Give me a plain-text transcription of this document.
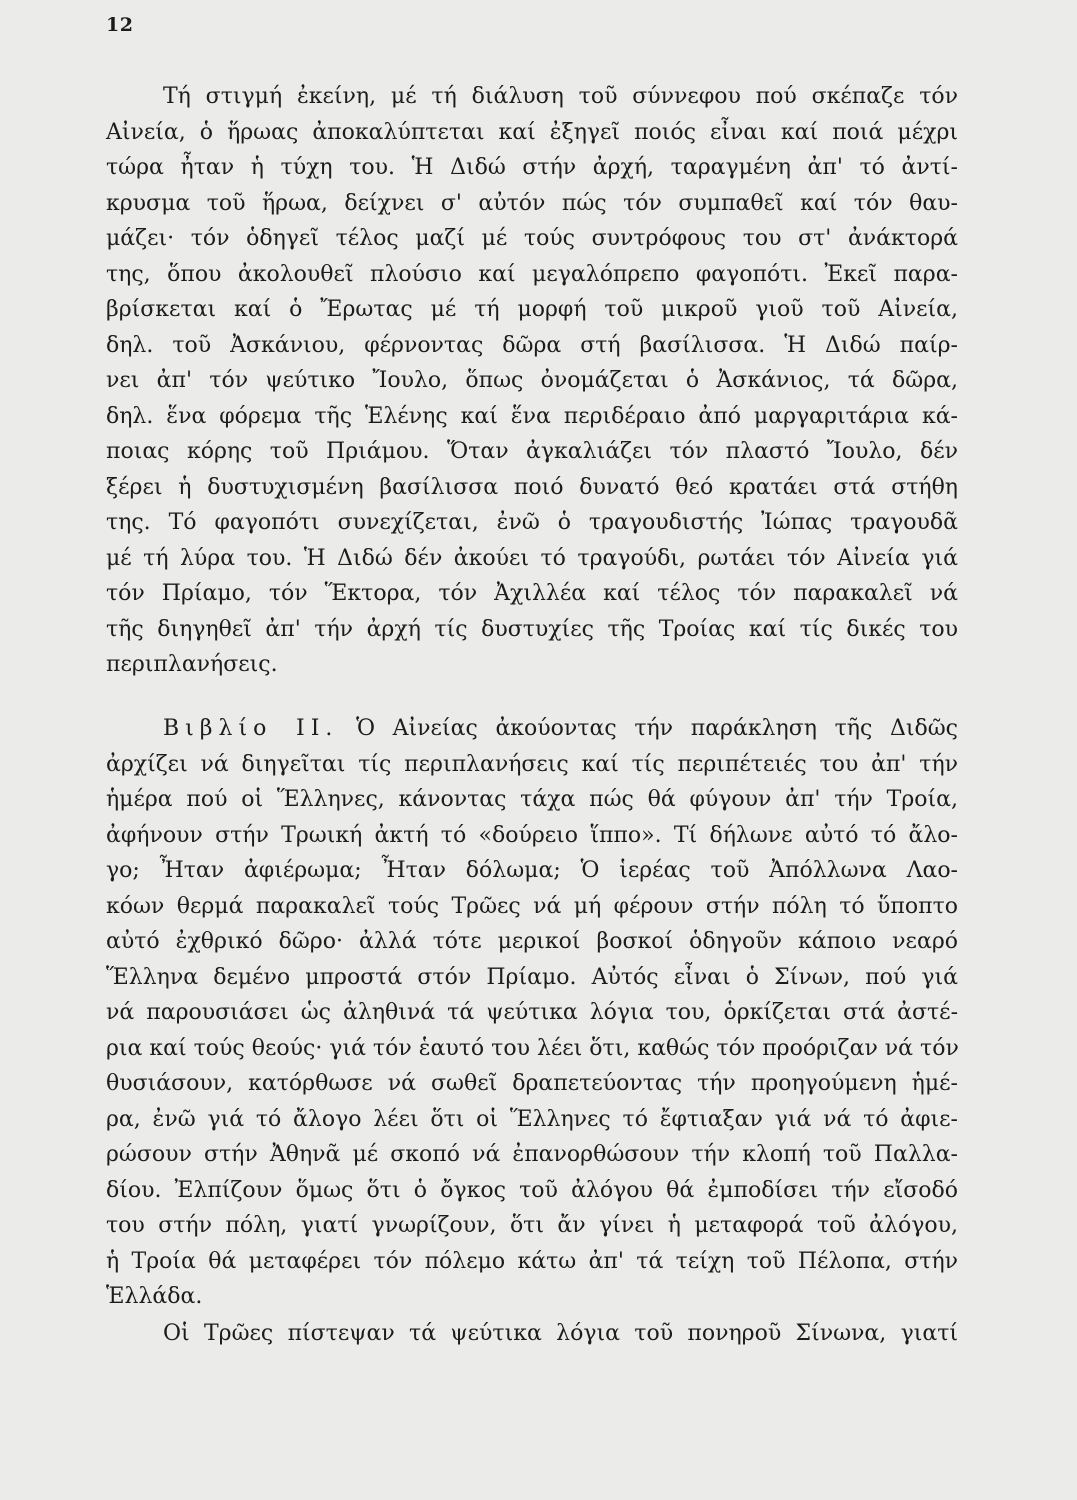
12
Τή στιγμή ἐκείνη, μέ τή διάλυση τοῦ σύννεφου πού σκέπαζε τόν
Αἰνεία, ὁ ἥρωας ἀποκαλύπτεται καί ἐξηγεῖ ποιός εἶναι καί ποιά μέχρι
τώρα ἦταν ἡ τύχη του. Ἡ Διδώ στήν ἀρχή, ταραγμένη ἀπ' τό ἀντί-
κρυσμα τοῦ ἥρωα, δείχνει σ' αὐτόν πώς τόν συμπαθεῖ καί τόν θαυ-
μάζει· τόν ὁδηγεῖ τέλος μαζί μέ τούς συντρόφους του στ' ἀνάκτορά
της, ὅπου ἀκολουθεῖ πλούσιο καί μεγαλόπρεπο φαγοπότι. Ἐκεῖ παρα-
βρίσκεται καί ὁ Ἔρωτας μέ τή μορφή τοῦ μικροῦ γιοῦ τοῦ Αἰνεία,
δηλ. τοῦ Ἀσκάνιου, φέρνοντας δῶρα στή βασίλισσα. Ἡ Διδώ παίρ-
νει ἀπ' τόν ψεύτικο Ἴουλο, ὅπως ὀνομάζεται ὁ Ἀσκάνιος, τά δῶρα,
δηλ. ἕνα φόρεμα τῆς Ἑλένης καί ἕνα περιδέραιο ἀπό μαργαριτάρια κά-
ποιας κόρης τοῦ Πριάμου. Ὅταν ἀγκαλιάζει τόν πλαστό Ἴουλο, δέν
ξέρει ἡ δυστυχισμένη βασίλισσα ποιό δυνατό θεό κρατάει στά στήθη
της. Τό φαγοπότι συνεχίζεται, ἐνῶ ὁ τραγουδιστής Ἰώπας τραγουδᾶ
μέ τή λύρα του. Ἡ Διδώ δέν ἀκούει τό τραγούδι, ρωτάει τόν Αἰνεία γιά
τόν Πρίαμο, τόν Ἕκτορα, τόν Ἀχιλλέα καί τέλος τόν παρακαλεῖ νά
τῆς διηγηθεῖ ἀπ' τήν ἀρχή τίς δυστυχίες τῆς Τροίας καί τίς δικές του
περιπλανήσεις.
Βιβλίο ΙΙ. Ὁ Αἰνείας ἀκούοντας τήν παράκληση τῆς Διδῶς
ἀρχίζει νά διηγεῖται τίς περιπλανήσεις καί τίς περιπέτειές του ἀπ' τήν
ἡμέρα πού οἱ Ἕλληνες, κάνοντας τάχα πώς θά φύγουν ἀπ' τήν Τροία,
ἀφήνουν στήν Τρωική ἀκτή τό «δούρειο ἵππο». Τί δήλωνε αὐτό τό ἄλο-
γο; Ἦταν ἀφιέρωμα; Ἦταν δόλωμα; Ὁ ἱερέας τοῦ Ἀπόλλωνα Λαο-
κόων θερμά παρακαλεῖ τούς Τρῶες νά μή φέρουν στήν πόλη τό ὕποπτο
αὐτό ἐχθρικό δῶρο· ἀλλά τότε μερικοί βοσκοί ὁδηγοῦν κάποιο νεαρό
Ἕλληνα δεμένο μπροστά στόν Πρίαμο. Αὐτός εἶναι ὁ Σίνων, πού γιά
νά παρουσιάσει ὡς ἀληθινά τά ψεύτικα λόγια του, ὁρκίζεται στά ἀστέ-
ρια καί τούς θεούς· γιά τόν ἑαυτό του λέει ὅτι, καθώς τόν προόριζαν νά τόν
θυσιάσουν, κατόρθωσε νά σωθεῖ δραπετεύοντας τήν προηγούμενη ἡμέ-
ρα, ἐνῶ γιά τό ἄλογο λέει ὅτι οἱ Ἕλληνες τό ἔφτιαξαν γιά νά τό ἀφιε-
ρώσουν στήν Ἀθηνᾶ μέ σκοπό νά ἐπανορθώσουν τήν κλοπή τοῦ Παλλα-
δίου. Ἐλπίζουν ὅμως ὅτι ὁ ὄγκος τοῦ ἀλόγου θά ἐμποδίσει τήν εἴσοδό
του στήν πόλη, γιατί γνωρίζουν, ὅτι ἄν γίνει ἡ μεταφορά τοῦ ἀλόγου,
ἡ Τροία θά μεταφέρει τόν πόλεμο κάτω ἀπ' τά τείχη τοῦ Πέλοπα, στήν
Ἑλλάδα.
Οἱ Τρῶες πίστεψαν τά ψεύτικα λόγια τοῦ πονηροῦ Σίνωνα, γιατί
